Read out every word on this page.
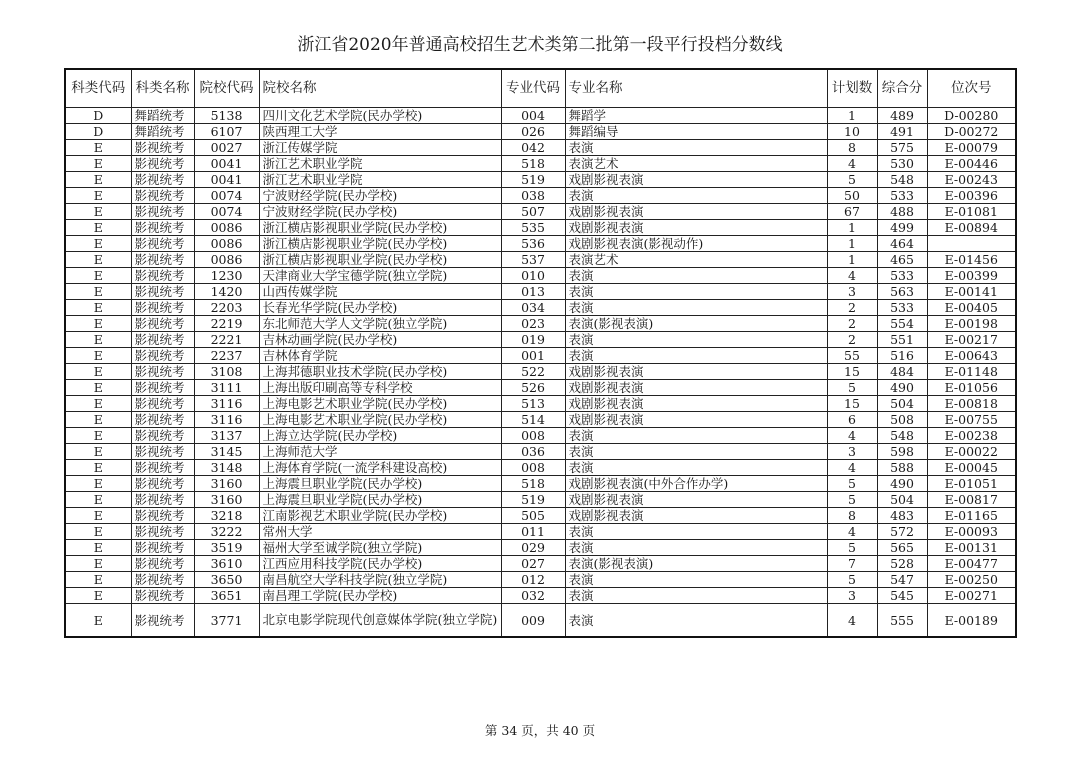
浙江省2020年普通高校招生艺术类第二批第一段平行投档分数线
科类代码	科类名称	院校代码	院校名称	专业代码	专业名称	计划数	综合分	位次号
D	舞蹈统考	5138	四川文化艺术学院(民办学校)	004	舞蹈学	1	489	D-00280
D	舞蹈统考	6107	陕西理工大学	026	舞蹈编导	10	491	D-00272
E	影视统考	0027	浙江传媒学院	042	表演	8	575	E-00079
E	影视统考	0041	浙江艺术职业学院	518	表演艺术	4	530	E-00446
E	影视统考	0041	浙江艺术职业学院	519	戏剧影视表演	5	548	E-00243
E	影视统考	0074	宁波财经学院(民办学校)	038	表演	50	533	E-00396
E	影视统考	0074	宁波财经学院(民办学校)	507	戏剧影视表演	67	488	E-01081
E	影视统考	0086	浙江横店影视职业学院(民办学校)	535	戏剧影视表演	1	499	E-00894
E	影视统考	0086	浙江横店影视职业学院(民办学校)	536	戏剧影视表演(影视动作)	1	464	
E	影视统考	0086	浙江横店影视职业学院(民办学校)	537	表演艺术	1	465	E-01456
E	影视统考	1230	天津商业大学宝德学院(独立学院)	010	表演	4	533	E-00399
E	影视统考	1420	山西传媒学院	013	表演	3	563	E-00141
E	影视统考	2203	长春光华学院(民办学校)	034	表演	2	533	E-00405
E	影视统考	2219	东北师范大学人文学院(独立学院)	023	表演(影视表演)	2	554	E-00198
E	影视统考	2221	吉林动画学院(民办学校)	019	表演	2	551	E-00217
E	影视统考	2237	吉林体育学院	001	表演	55	516	E-00643
E	影视统考	3108	上海邦德职业技术学院(民办学校)	522	戏剧影视表演	15	484	E-01148
E	影视统考	3111	上海出版印刷高等专科学校	526	戏剧影视表演	5	490	E-01056
E	影视统考	3116	上海电影艺术职业学院(民办学校)	513	戏剧影视表演	15	504	E-00818
E	影视统考	3116	上海电影艺术职业学院(民办学校)	514	戏剧影视表演	6	508	E-00755
E	影视统考	3137	上海立达学院(民办学校)	008	表演	4	548	E-00238
E	影视统考	3145	上海师范大学	036	表演	3	598	E-00022
E	影视统考	3148	上海体育学院(一流学科建设高校)	008	表演	4	588	E-00045
E	影视统考	3160	上海震旦职业学院(民办学校)	518	戏剧影视表演(中外合作办学)	5	490	E-01051
E	影视统考	3160	上海震旦职业学院(民办学校)	519	戏剧影视表演	5	504	E-00817
E	影视统考	3218	江南影视艺术职业学院(民办学校)	505	戏剧影视表演	8	483	E-01165
E	影视统考	3222	常州大学	011	表演	4	572	E-00093
E	影视统考	3519	福州大学至诚学院(独立学院)	029	表演	5	565	E-00131
E	影视统考	3610	江西应用科技学院(民办学校)	027	表演(影视表演)	7	528	E-00477
E	影视统考	3650	南昌航空大学科技学院(独立学院)	012	表演	5	547	E-00250
E	影视统考	3651	南昌理工学院(民办学校)	032	表演	3	545	E-00271
E	影视统考	3771	北京电影学院现代创意媒体学院(独立学院)	009	表演	4	555	E-00189
第 34 页，共 40 页
